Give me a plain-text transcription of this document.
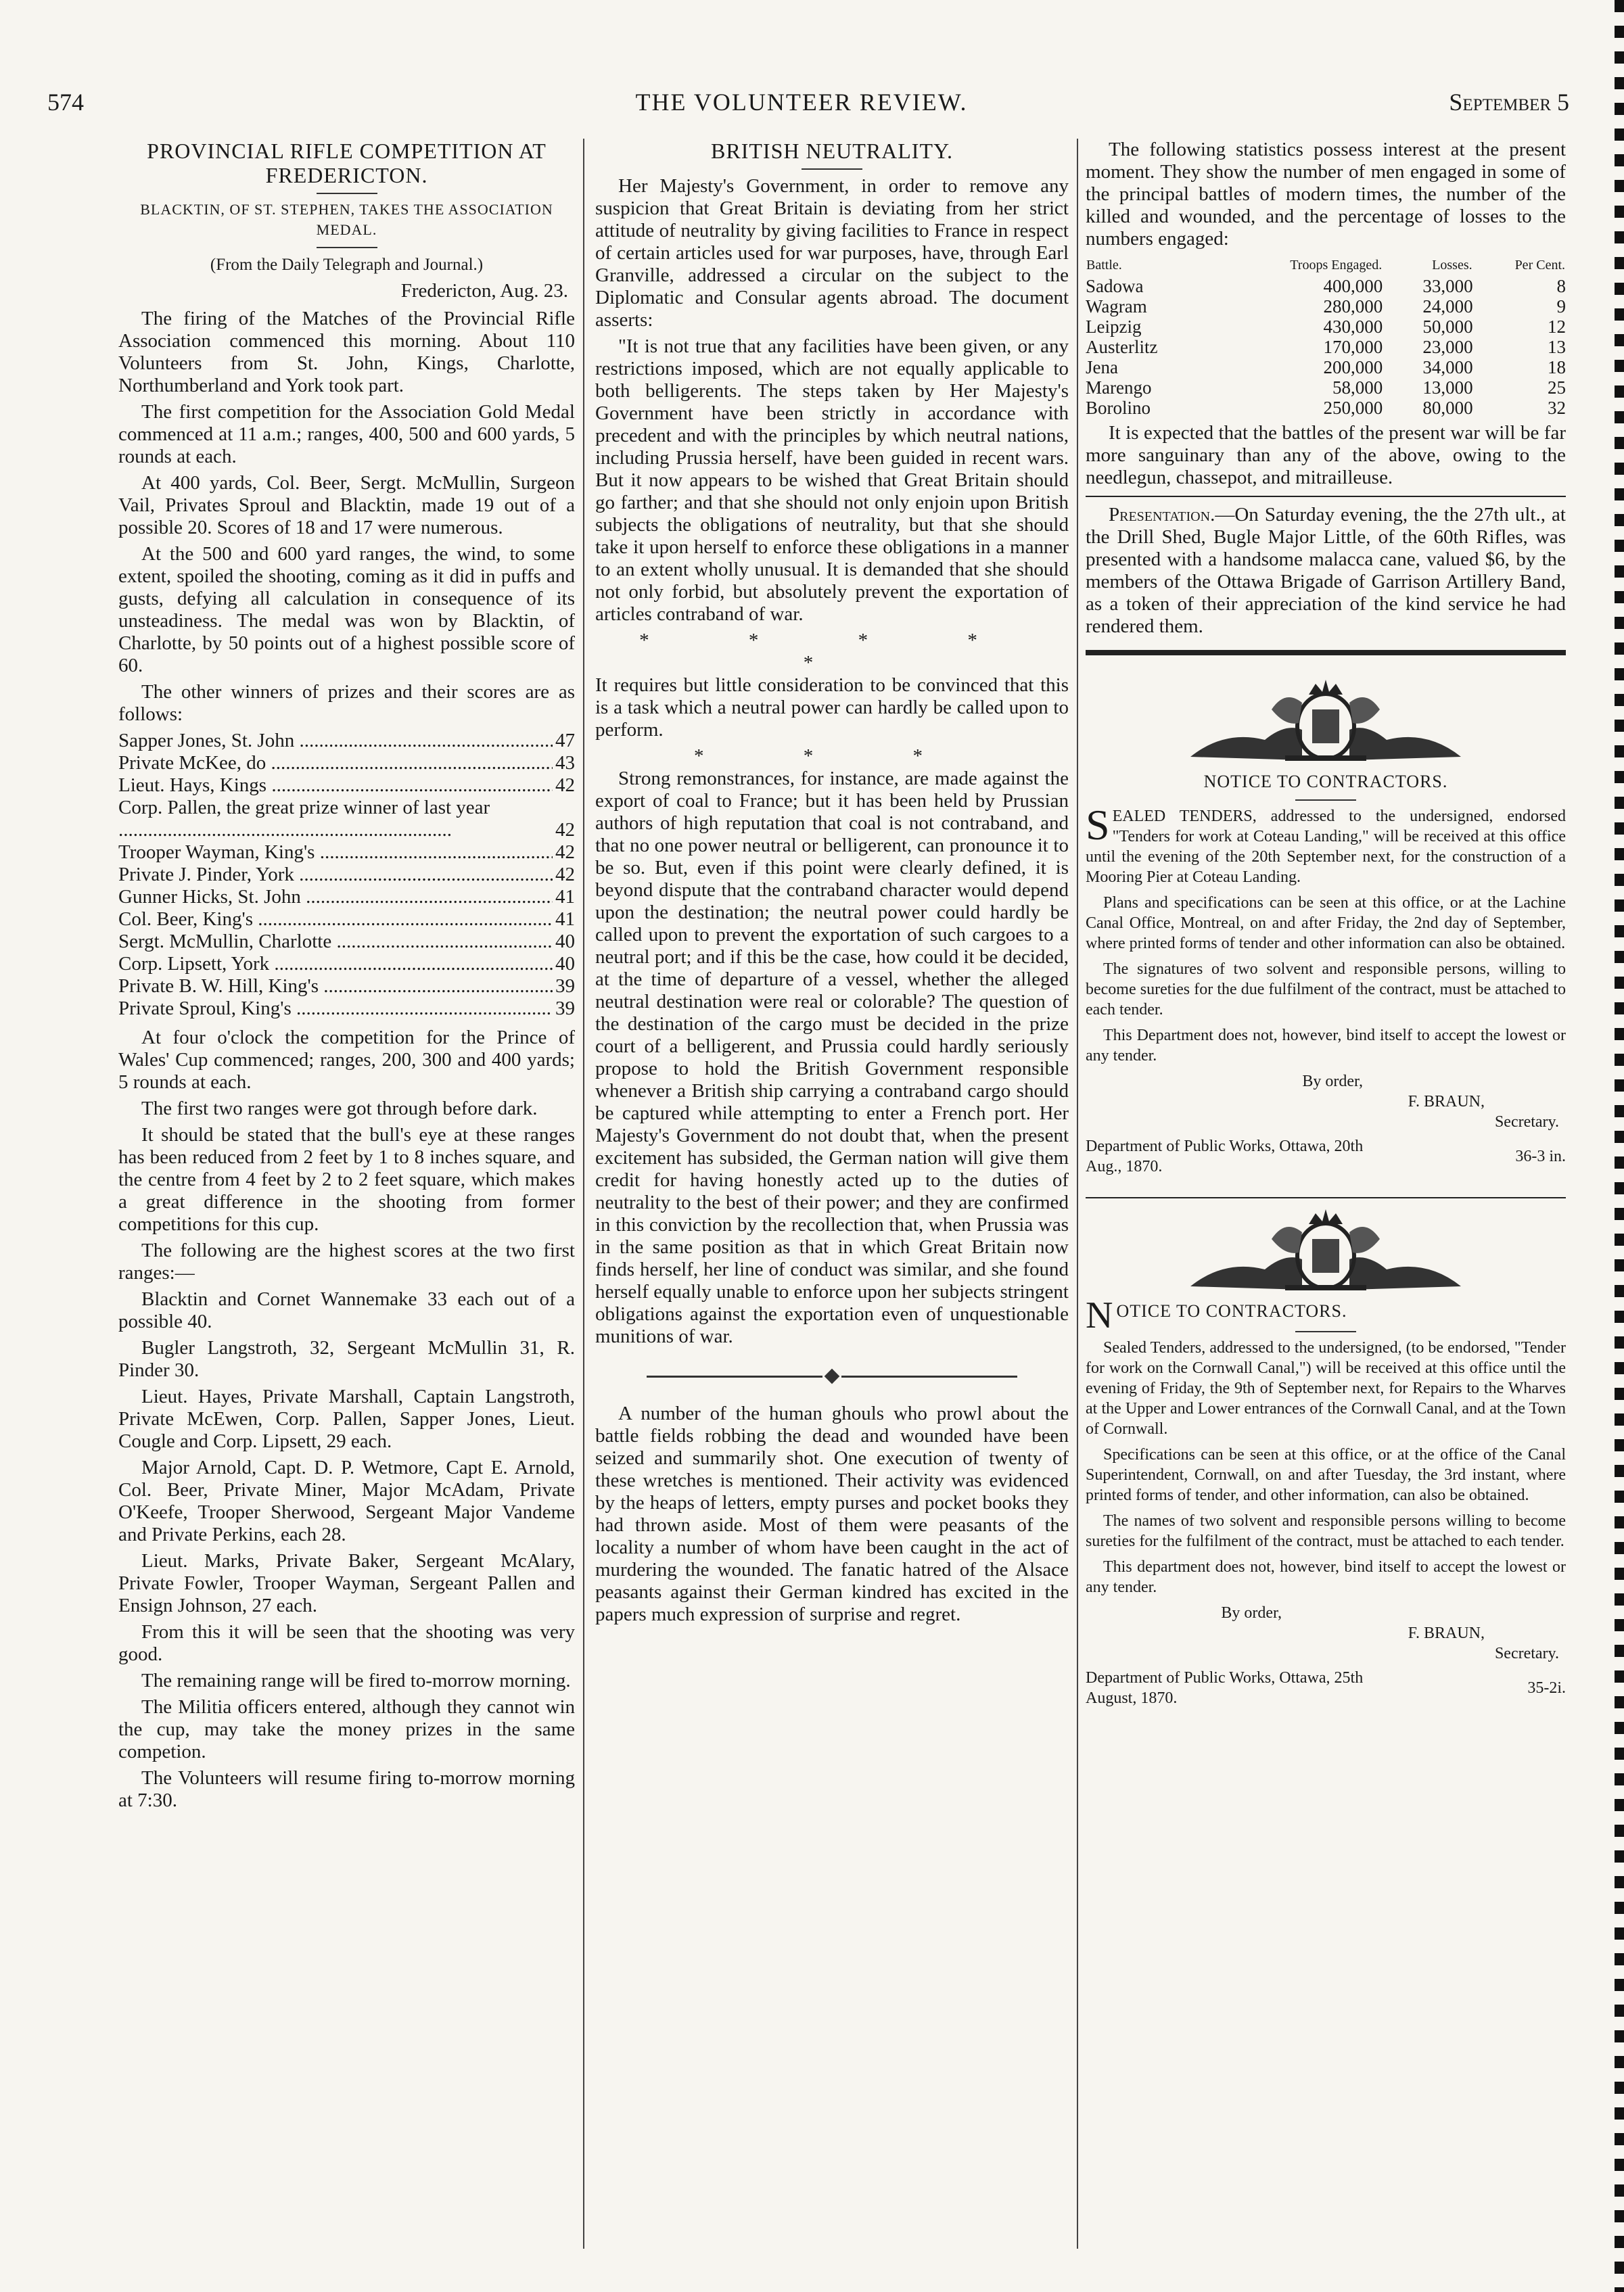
574	THE VOLUNTEER REVIEW.	September 5
PROVINCIAL RIFLE COMPETITION AT FREDERICTON.
BLACKTIN, OF ST. STEPHEN, TAKES THE ASSOCIATION MEDAL.
(From the Daily Telegraph and Journal.)
Fredericton, Aug. 23.

The firing of the Matches of the Provincial Rifle Association commenced this morning. About 110 Volunteers from St. John, Kings, Charlotte, Northumberland and York took part.

The first competition for the Association Gold Medal commenced at 11 a.m.; ranges, 400, 500 and 600 yards, 5 rounds at each.

At 400 yards, Col. Beer, Sergt. McMullin, Surgeon Vail, Privates Sproul and Blacktin, made 19 out of a possible 20. Scores of 18 and 17 were numerous.

At the 500 and 600 yard ranges, the wind, to some extent, spoiled the shooting, coming as it did in puffs and gusts, defying all calculation in consequence of its unsteadiness. The medal was won by Blacktin, of Charlotte, by 50 points out of a highest possible score of 60.

The other winners of prizes and their scores are as follows:

Sapper Jones, St. John .....	47
Private McKee, do .....	43
Lieut. Hays, Kings .....	42
Corp. Pallen, the great prize winner of last year .....
42
Trooper Wayman, King's .....	42
Private J. Pinder, York .....	42
Gunner Hicks, St. John .....	41
Col. Beer, King's .....	41
Sergt. McMullin, Charlotte .....	40
Corp. Lipsett, York .....	40
Private B. W. Hill, King's .....	39
Private Sproul, King's .....	39

At four o'clock the competition for the Prince of Wales' Cup commenced; ranges, 200, 300 and 400 yards; 5 rounds at each.

The first two ranges were got through before dark.

It should be stated that the bull's eye at these ranges has been reduced from 2 feet by 1 to 8 inches square, and the centre from 4 feet by 2 to 2 feet square, which makes a great difference in the shooting from former competitions for this cup.

The following are the highest scores at the two first ranges:—

Blacktin and Cornet Wannemake 33 each out of a possible 40.

Bugler Langstroth, 32, Sergeant McMullin 31, R. Pinder 30.

Lieut. Hayes, Private Marshall, Captain Langstroth, Private McEwen, Corp. Pallen, Sapper Jones, Lieut. Cougle and Corp. Lipsett, 29 each.

Major Arnold, Capt. D. P. Wetmore, Capt E. Arnold, Col. Beer, Private Miner, Major McAdam, Private O'Keefe, Trooper Sherwood, Sergeant Major Vandeme and Private Perkins, each 28.

Lieut. Marks, Private Baker, Sergeant McAlary, Private Fowler, Trooper Wayman, Sergeant Pallen and Ensign Johnson, 27 each.

From this it will be seen that the shooting was very good.

The remaining range will be fired to-morrow morning.

The Militia officers entered, although they cannot win the cup, may take the money prizes in the same competion.

The Volunteers will resume firing to-morrow morning at 7:30.

BRITISH NEUTRALITY.

Her Majesty's Government, in order to remove any suspicion that Great Britain is deviating from her strict attitude of neutrality by giving facilities to France in respect of certain articles used for war purposes, have, through Earl Granville, addressed a circular on the subject to the Diplomatic and Consular agents abroad. The document asserts:

"It is not true that any facilities have been given, or any restrictions imposed, which are not equally applicable to both belligerents. The steps taken by Her Majesty's Government have been strictly in accordance with precedent and with the principles by which neutral nations, including Prussia herself, have been guided in recent wars. But it now appears to be wished that Great Britain should go farther; and that she should not only enjoin upon British subjects the obligations of neutrality, but that she should take it upon herself to enforce these obligations in a manner to an extent wholly unusual. It is demanded that she should not only forbid, but absolutely prevent the exportation of articles contraband of war.

* * * * *

It requires but little consideration to be convinced that this is a task which a neutral power can hardly be called upon to perform.

* * *

Strong remonstrances, for instance, are made against the export of coal to France; but it has been held by Prussian authors of high reputation that coal is not contraband, and that no one power neutral or belligerent, can pronounce it to be so. But, even if this point were clearly defined, it is beyond dispute that the contraband character would depend upon the destination; the neutral power could hardly be called upon to prevent the exportation of such cargoes to a neutral port; and if this be the case, how could it be decided, at the time of departure of a vessel, whether the alleged neutral destination were real or colorable? The question of the destination of the cargo must be decided in the prize court of a belligerent, and Prussia could hardly seriously propose to hold the British Government responsible whenever a British ship carrying a contraband cargo should be captured while attempting to enter a French port. Her Majesty's Government do not doubt that, when the present excitement has subsided, the German nation will give them credit for having honestly acted up to the duties of neutrality to the best of their power; and they are confirmed in this conviction by the recollection that, when Prussia was in the same position as that in which Great Britain now finds herself, her line of conduct was similar, and she found herself equally unable to enforce upon her subjects stringent obligations against the exportation even of unquestionable munitions of war.

A number of the human ghouls who prowl about the battle fields robbing the dead and wounded have been seized and summarily shot. One execution of twenty of these wretches is mentioned. Their activity was evidenced by the heaps of letters, empty purses and pocket books they had thrown aside. Most of them were peasants of the locality a number of whom have been caught in the act of murdering the wounded. The fanatic hatred of the Alsace peasants against their German kindred has excited in the papers much expression of surprise and regret.

The following statistics possess interest at the present moment. They show the number of men engaged in some of the principal battles of modern times, the number of the killed and wounded, and the percentage of losses to the numbers engaged:

Battle.	Troops Engaged.	Losses.	Per Cent.
Sadowa	400,000	33,000	8
Wagram	280,000	24,000	9
Leipzig	430,000	50,000	12
Austerlitz	170,000	23,000	13
Jena	200,000	34,000	18
Marengo	58,000	13,000	25
Borolino	250,000	80,000	32

It is expected that the battles of the present war will be far more sanguinary than any of the above, owing to the needlegun, chassepot, and mitrailleuse.

Presentation.—On Saturday evening, the the 27th ult., at the Drill Shed, Bugle Major Little, of the 60th Rifles, was presented with a handsome malacca cane, valued $6, by the members of the Ottawa Brigade of Garrison Artillery Band, as a token of their appreciation of the kind service he had rendered them.

NOTICE TO CONTRACTORS.

SEALED TENDERS, addressed to the undersigned, endorsed "Tenders for work at Coteau Landing," will be received at this office until the evening of the 20th September next, for the construction of a Mooring Pier at Coteau Landing.

Plans and specifications can be seen at this office, or at the Lachine Canal Office, Montreal, on and after Friday, the 2nd day of September, where printed forms of tender and other information can also be obtained.

The signatures of two solvent and responsible persons, willing to become sureties for the due fulfilment of the contract, must be attached to each tender.

This Department does not, however, bind itself to accept the lowest or any tender.

By order,
F. BRAUN,
Secretary.
Department of Public Works, Ottawa, 20th Aug., 1870.
36-3 in.
NOTICE TO CONTRACTORS.

Sealed Tenders, addressed to the undersigned, (to be endorsed, "Tender for work on the Cornwall Canal,") will be received at this office until the evening of Friday, the 9th of September next, for Repairs to the Wharves at the Upper and Lower entrances of the Cornwall Canal, and at the Town of Cornwall.

Specifications can be seen at this office, or at the office of the Canal Superintendent, Cornwall, on and after Tuesday, the 3rd instant, where printed forms of tender, and other information, can also be obtained.

The names of two solvent and responsible persons willing to become sureties for the fulfilment of the contract, must be attached to each tender.

This department does not, however, bind itself to accept the lowest or any tender.

By order,
F. BRAUN,
Secretary.
Department of Public Works, Ottawa, 25th August, 1870.
35-2i.
